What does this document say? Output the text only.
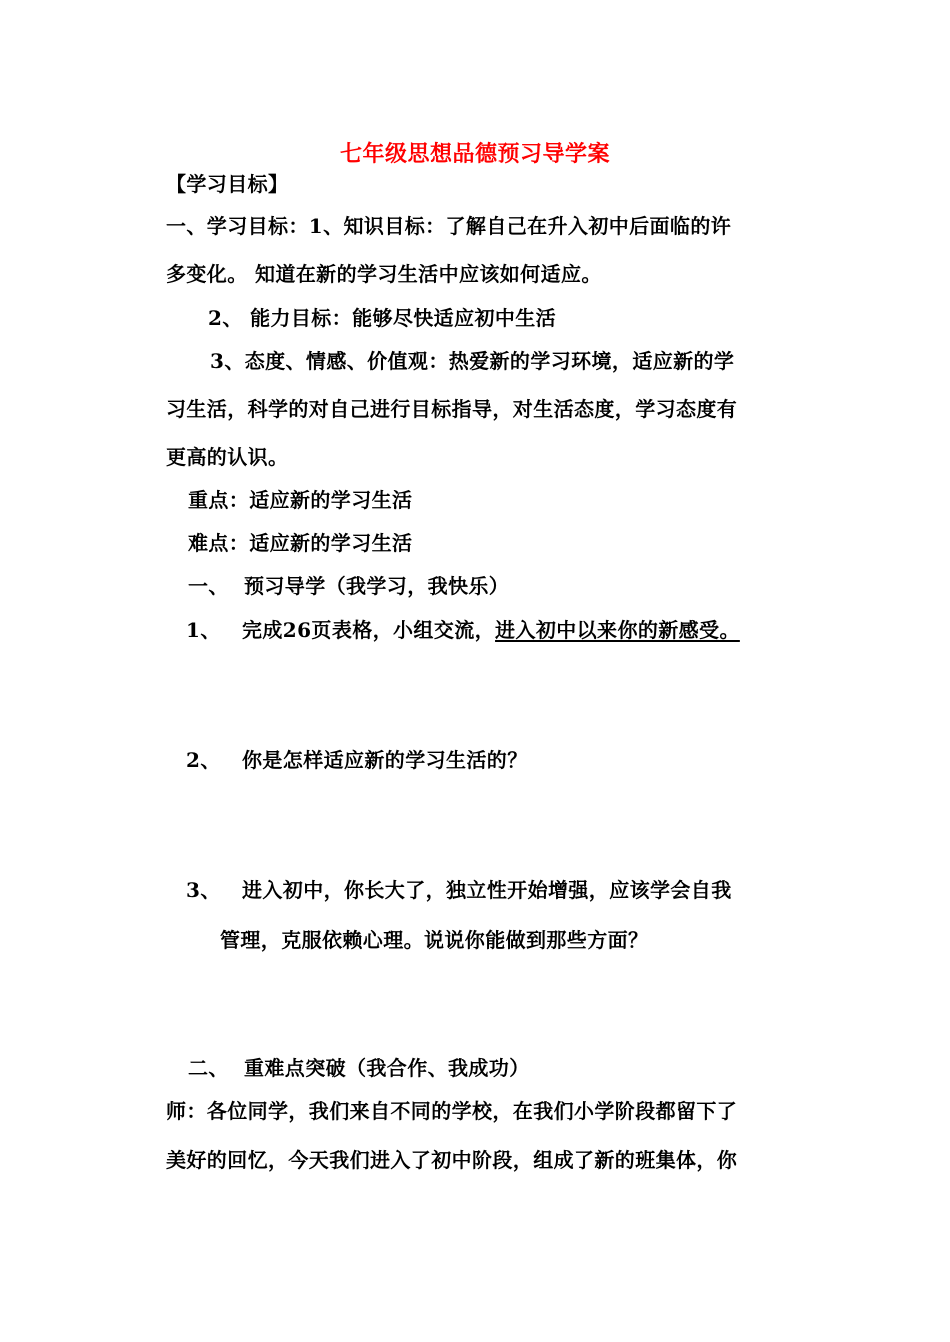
七年级思想品德预习导学案
【学习目标】
一、学习目标：1、知识目标：了解自己在升入初中后面临的许
多变化。 知道在新的学习生活中应该如何适应。
2、 能力目标：能够尽快适应初中生活
3、态度、情感、价值观：热爱新的学习环境，适应新的学
习生活，科学的对自己进行目标指导，对生活态度，学习态度有
更高的认识。
重点：适应新的学习生活
难点：适应新的学习生活
一、 预习导学（我学习，我快乐）
1、 完成26页表格，小组交流，进入初中以来你的新感受。
2、 你是怎样适应新的学习生活的？
3、 进入初中，你长大了，独立性开始增强，应该学会自我
管理，克服依赖心理。说说你能做到那些方面？
二、 重难点突破（我合作、我成功）
师：各位同学，我们来自不同的学校，在我们小学阶段都留下了
美好的回忆，今天我们进入了初中阶段，组成了新的班集体，你
